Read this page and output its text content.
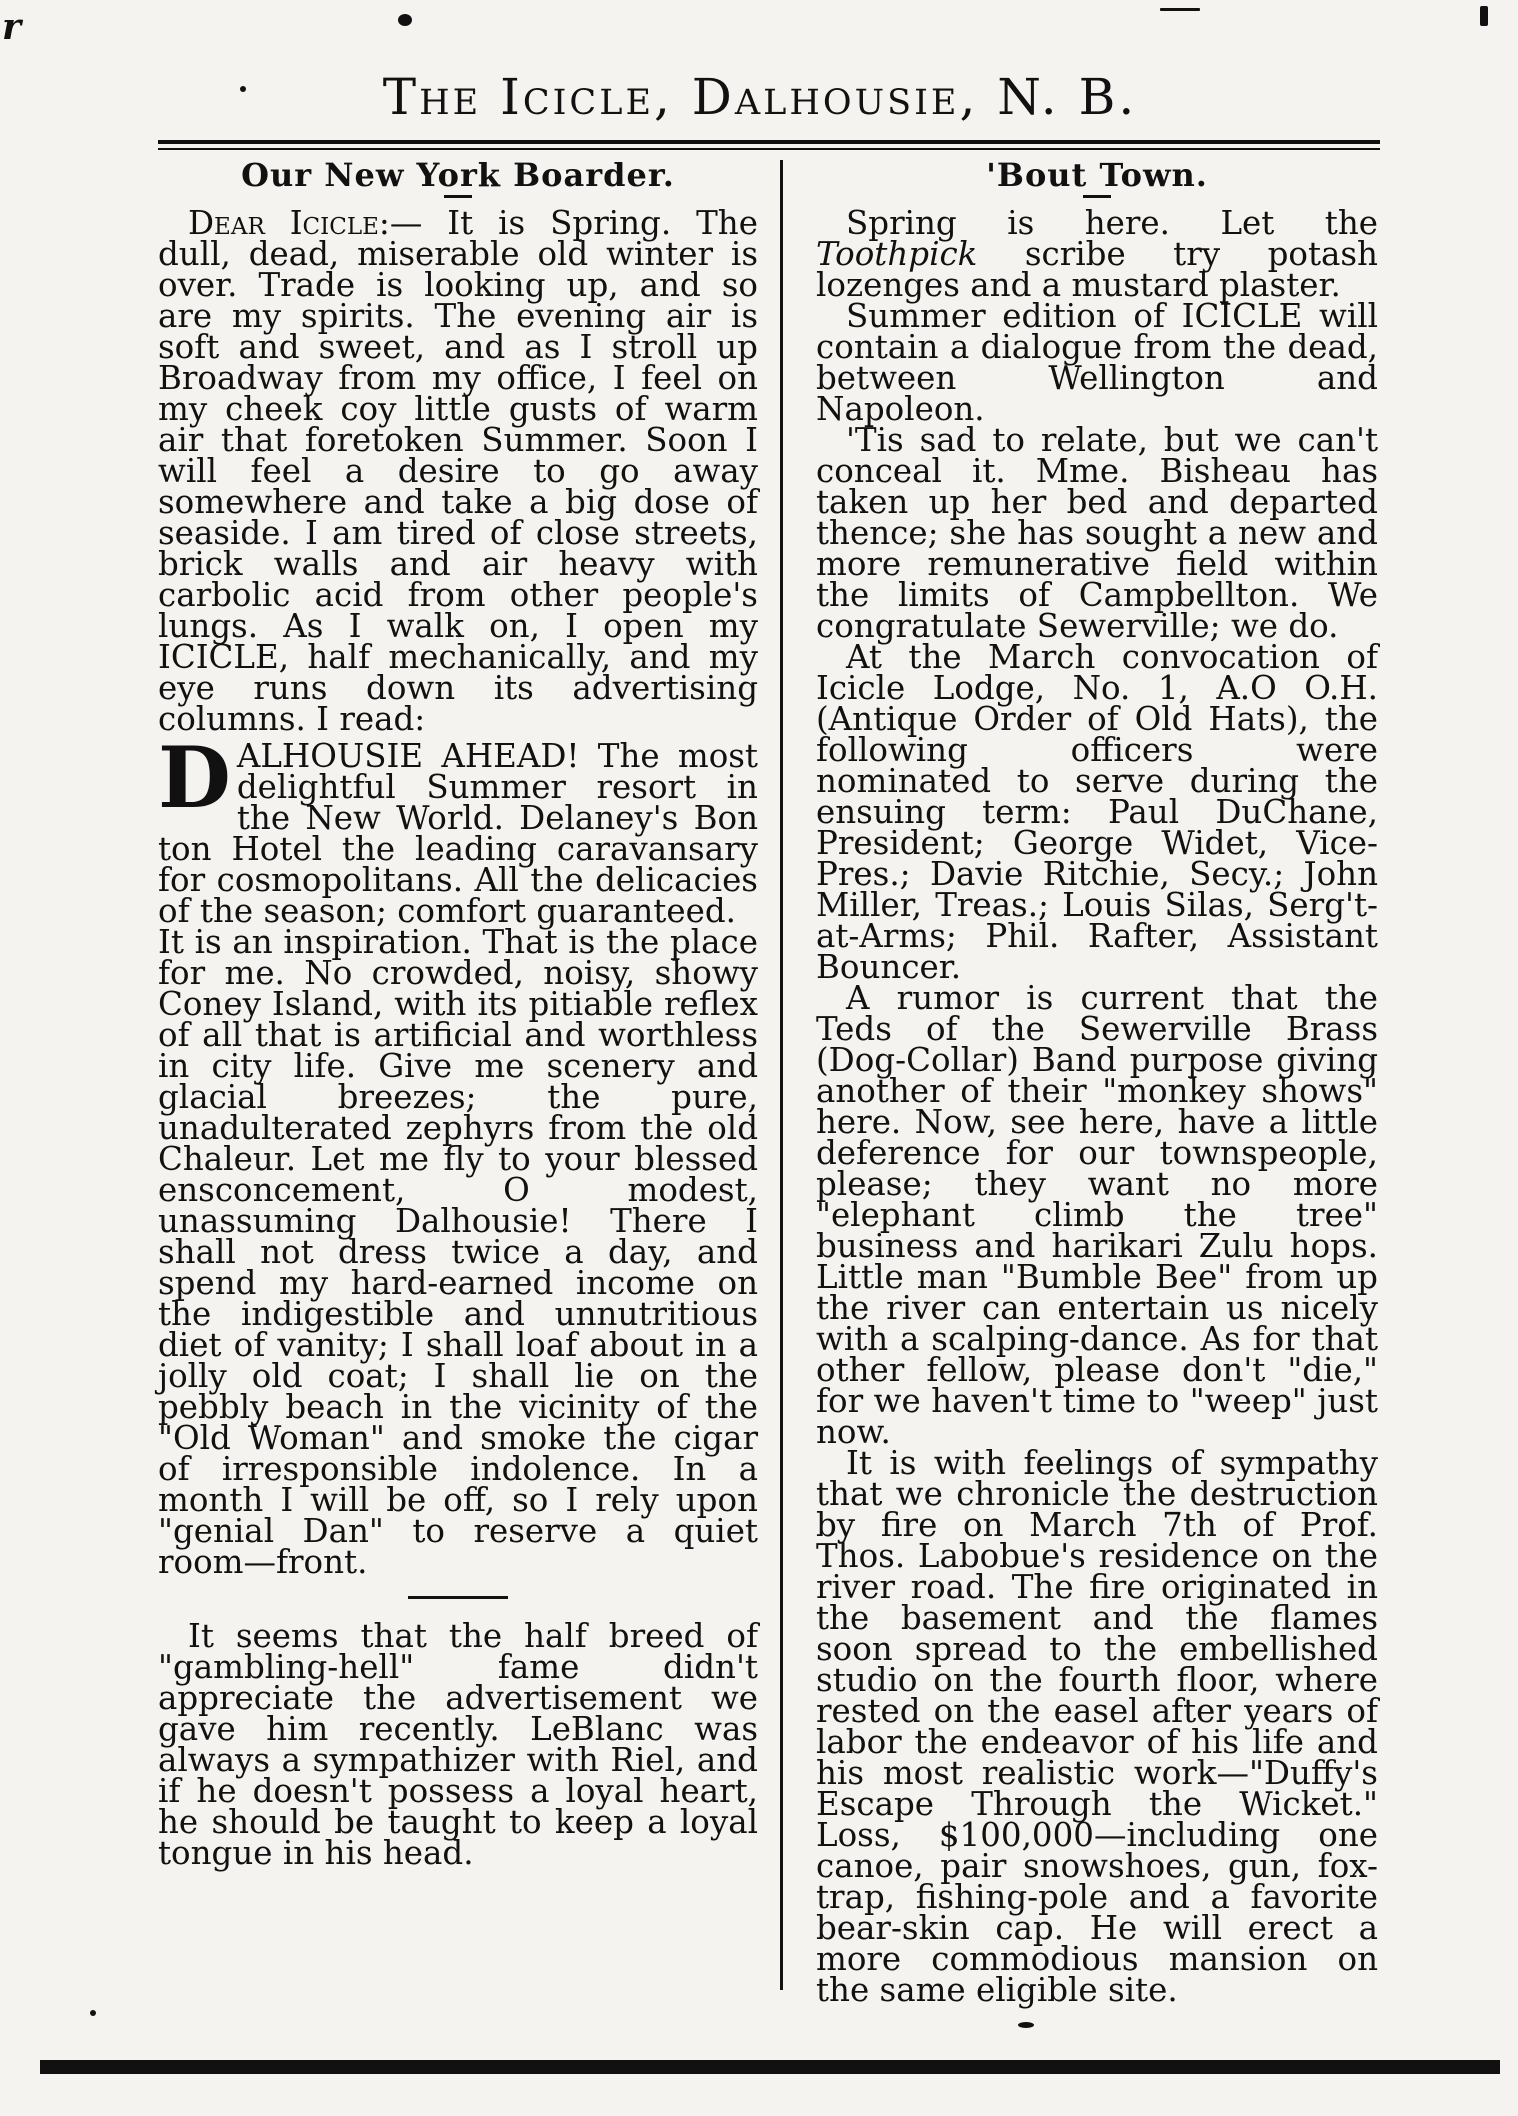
r
The Icicle, Dalhousie, N. B.
Our New York Boarder.

Dear Icicle:— It is Spring. The dull, dead, miserable old winter is over. Trade is looking up, and so are my spirits. The evening air is soft and sweet, and as I stroll up Broadway from my office, I feel on my cheek coy little gusts of warm air that foretoken Summer. Soon I will feel a desire to go away somewhere and take a big dose of seaside. I am tired of close streets, brick walls and air heavy with carbolic acid from other people's lungs. As I walk on, I open my ICICLE, half mechanically, and my eye runs down its advertising columns. I read:

DALHOUSIE AHEAD! The most delightful Summer resort in the New World. Delaney's Bon ton Hotel the leading caravansary for cosmopolitans. All the delicacies of the season; comfort guaranteed.

It is an inspiration. That is the place for me. No crowded, noisy, showy Coney Island, with its pitiable reflex of all that is artificial and worthless in city life. Give me scenery and glacial breezes; the pure, unadulterated zephyrs from the old Chaleur. Let me fly to your blessed ensconcement, O modest, unassuming Dalhousie! There I shall not dress twice a day, and spend my hard-earned income on the indigestible and unnutritious diet of vanity; I shall loaf about in a jolly old coat; I shall lie on the pebbly beach in the vicinity of the "Old Woman" and smoke the cigar of irresponsible indolence. In a month I will be off, so I rely upon "genial Dan" to reserve a quiet room—front.

It seems that the half breed of "gambling-hell" fame didn't appreciate the advertisement we gave him recently. LeBlanc was always a sympathizer with Riel, and if he doesn't possess a loyal heart, he should be taught to keep a loyal tongue in his head.

'Bout Town.

Spring is here. Let the Toothpick scribe try potash lozenges and a mustard plaster.

Summer edition of ICICLE will contain a dialogue from the dead, between Wellington and Napoleon.

'Tis sad to relate, but we can't conceal it. Mme. Bisheau has taken up her bed and departed thence; she has sought a new and more remunerative field within the limits of Campbellton. We congratulate Sewerville; we do.

At the March convocation of Icicle Lodge, No. 1, A.O O.H. (Antique Order of Old Hats), the following officers were nominated to serve during the ensuing term: Paul DuChane, President; George Widet, Vice-Pres.; Davie Ritchie, Secy.; John Miller, Treas.; Louis Silas, Serg't-at-Arms; Phil. Rafter, Assistant Bouncer.

A rumor is current that the Teds of the Sewerville Brass (Dog-Collar) Band purpose giving another of their "monkey shows" here. Now, see here, have a little deference for our townspeople, please; they want no more "elephant climb the tree" business and harikari Zulu hops. Little man "Bumble Bee" from up the river can entertain us nicely with a scalping-dance. As for that other fellow, please don't "die," for we haven't time to "weep" just now.

It is with feelings of sympathy that we chronicle the destruction by fire on March 7th of Prof. Thos. Labobue's residence on the river road. The fire originated in the basement and the flames soon spread to the embellished studio on the fourth floor, where rested on the easel after years of labor the endeavor of his life and his most realistic work—"Duffy's Escape Through the Wicket." Loss, $100,000—including one canoe, pair snowshoes, gun, fox-trap, fishing-pole and a favorite bear-skin cap. He will erect a more commodious mansion on the same eligible site.
